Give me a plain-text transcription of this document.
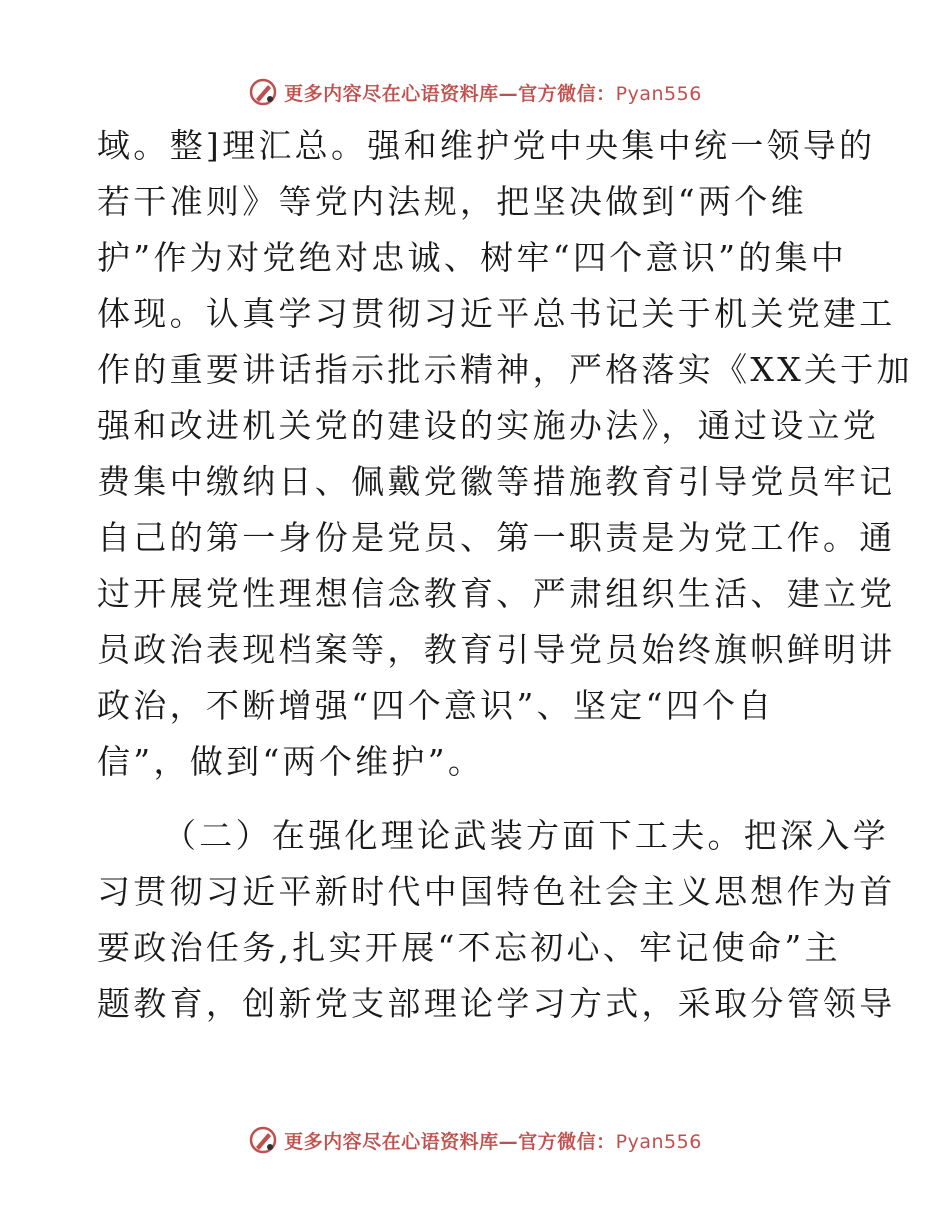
更多内容尽在心语资料库—官方微信：Pyan556
域。整]理汇总。强和维护党中央集中统一领导的
若干准则》等党内法规，把坚决做到“两个维
护”作为对党绝对忠诚、树牢“四个意识”的集中
体现。认真学习贯彻习近平总书记关于机关党建工
作的重要讲话指示批示精神，严格落实《XX关于加
强和改进机关党的建设的实施办法》，通过设立党
费集中缴纳日、佩戴党徽等措施教育引导党员牢记
自己的第一身份是党员、第一职责是为党工作。通
过开展党性理想信念教育、严肃组织生活、建立党
员政治表现档案等，教育引导党员始终旗帜鲜明讲
政治，不断增强“四个意识”、坚定“四个自
信”，做到“两个维护”。
（二）在强化理论武装方面下工夫。把深入学
习贯彻习近平新时代中国特色社会主义思想作为首
要政治任务,扎实开展“不忘初心、牢记使命”主
题教育，创新党支部理论学习方式，采取分管领导
更多内容尽在心语资料库—官方微信：Pyan556
